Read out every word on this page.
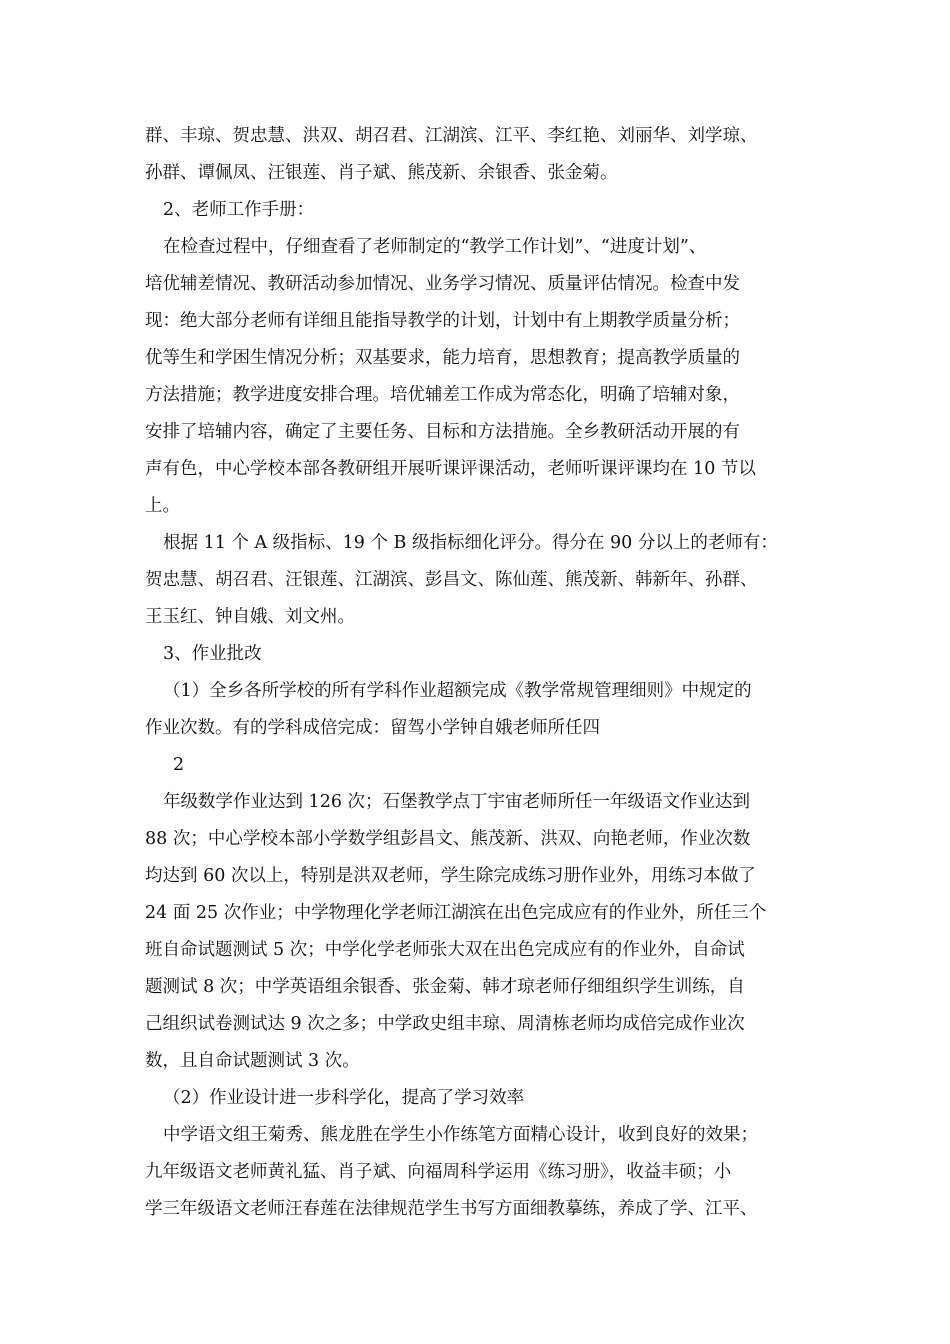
群、丰琼、贺忠慧、洪双、胡召君、江湖滨、江平、李红艳、刘丽华、刘学琼、
孙群、谭佩凤、汪银莲、肖子斌、熊茂新、余银香、张金菊。
2、老师工作手册：
在检查过程中，仔细查看了老师制定的“教学工作计划”、“进度计划”、
培优辅差情况、教研活动参加情况、业务学习情况、质量评估情况。检查中发
现：绝大部分老师有详细且能指导教学的计划，计划中有上期教学质量分析；
优等生和学困生情况分析；双基要求，能力培育，思想教育；提高教学质量的
方法措施；教学进度安排合理。培优辅差工作成为常态化，明确了培辅对象，
安排了培辅内容，确定了主要任务、目标和方法措施。全乡教研活动开展的有
声有色，中心学校本部各教研组开展听课评课活动，老师听课评课均在 10 节以
上。
根据 11 个 A 级指标、19 个 B 级指标细化评分。得分在 90 分以上的老师有：
贺忠慧、胡召君、汪银莲、江湖滨、彭昌文、陈仙莲、熊茂新、韩新年、孙群、
王玉红、钟自娥、刘文州。
3、作业批改
（1）全乡各所学校的所有学科作业超额完成《教学常规管理细则》中规定的
作业次数。有的学科成倍完成：留驾小学钟自娥老师所任四
2
年级数学作业达到 126 次；石堡教学点丁宇宙老师所任一年级语文作业达到
88 次；中心学校本部小学数学组彭昌文、熊茂新、洪双、向艳老师，作业次数
均达到 60 次以上，特别是洪双老师，学生除完成练习册作业外，用练习本做了
24 面 25 次作业；中学物理化学老师江湖滨在出色完成应有的作业外，所任三个
班自命试题测试 5 次；中学化学老师张大双在出色完成应有的作业外，自命试
题测试 8 次；中学英语组余银香、张金菊、韩才琼老师仔细组织学生训练，自
己组织试卷测试达 9 次之多；中学政史组丰琼、周清栋老师均成倍完成作业次
数，且自命试题测试 3 次。
（2）作业设计进一步科学化，提高了学习效率
中学语文组王菊秀、熊龙胜在学生小作练笔方面精心设计，收到良好的效果；
九年级语文老师黄礼猛、肖子斌、向福周科学运用《练习册》，收益丰硕；小
学三年级语文老师汪春莲在法律规范学生书写方面细教摹练，养成了学、江平、
